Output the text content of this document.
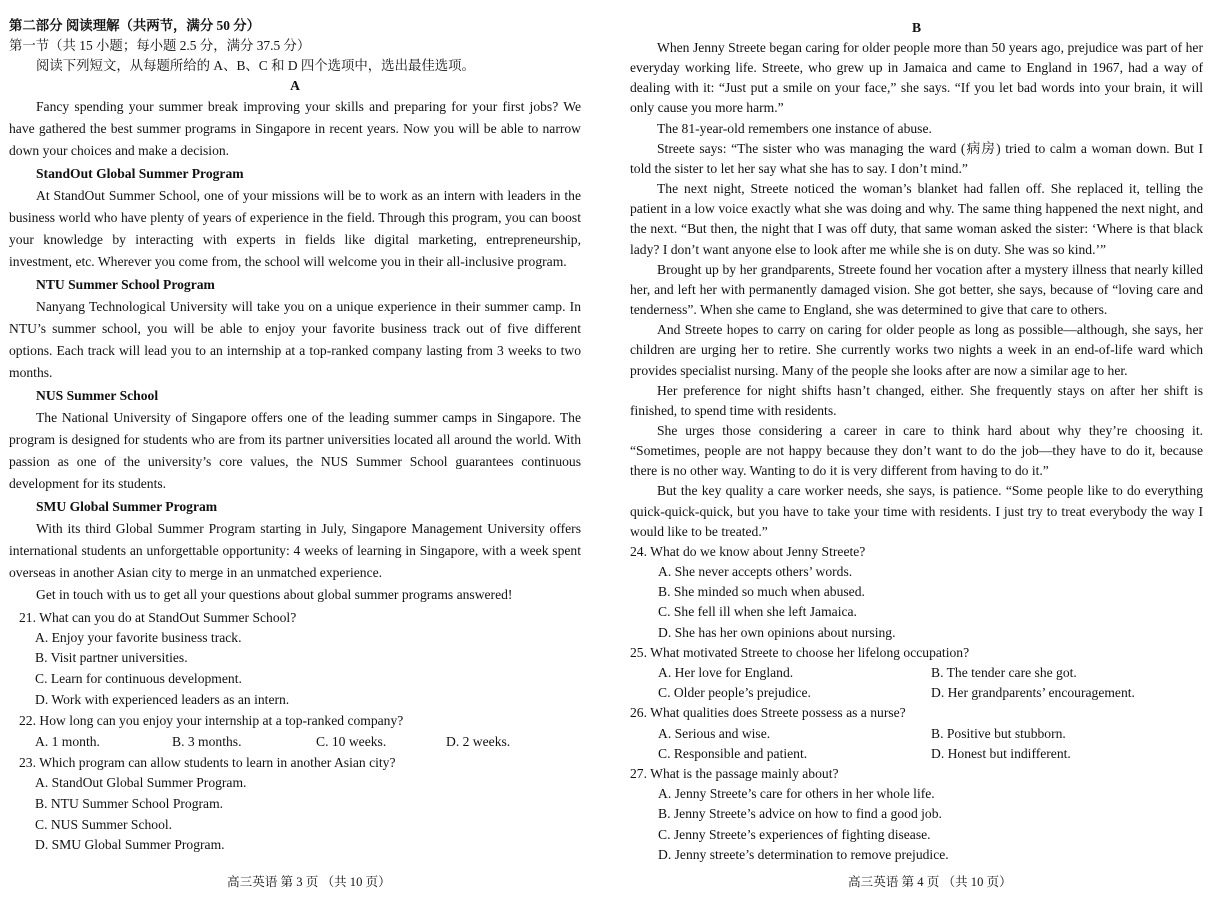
第二部分 阅读理解（共两节，满分 50 分）

第一节（共 15 小题；每小题 2.5 分，满分 37.5 分）

阅读下列短文，从每题所给的 A、B、C 和 D 四个选项中，选出最佳选项。

A

Fancy spending your summer break improving your skills and preparing for your first jobs? We have gathered the best summer programs in Singapore in recent years. Now you will be able to narrow down your choices and make a decision.

StandOut Global Summer Program

At StandOut Summer School, one of your missions will be to work as an intern with leaders in the business world who have plenty of years of experience in the field. Through this program, you can boost your knowledge by interacting with experts in fields like digital marketing, entrepreneurship, investment, etc. Wherever you come from, the school will welcome you in their all-inclusive program.

NTU Summer School Program

Nanyang Technological University will take you on a unique experience in their summer camp. In NTU’s summer school, you will be able to enjoy your favorite business track out of five different options. Each track will lead you to an internship at a top-ranked company lasting from 3 weeks to two months.

NUS Summer School

The National University of Singapore offers one of the leading summer camps in Singapore. The program is designed for students who are from its partner universities located all around the world. With passion as one of the university’s core values, the NUS Summer School guarantees continuous development for its students.

SMU Global Summer Program

With its third Global Summer Program starting in July, Singapore Management University offers international students an unforgettable opportunity: 4 weeks of learning in Singapore, with a week spent overseas in another Asian city to merge in an unmatched experience.

Get in touch with us to get all your questions about global summer programs answered!

21. What can you do at StandOut Summer School?

A. Enjoy your favorite business track.

B. Visit partner universities.

C. Learn for continuous development.

D. Work with experienced leaders as an intern.

22. How long can you enjoy your internship at a top-ranked company?

A. 1 month.	B. 3 months.	C. 10 weeks.	D. 2 weeks.

23. Which program can allow students to learn in another Asian city?

A. StandOut Global Summer Program.

B. NTU Summer School Program.

C. NUS Summer School.

D. SMU Global Summer Program.

B

When Jenny Streete began caring for older people more than 50 years ago, prejudice was part of her everyday working life. Streete, who grew up in Jamaica and came to England in 1967, had a way of dealing with it: “Just put a smile on your face,” she says. “If you let bad words into your brain, it will only cause you more harm.”

The 81-year-old remembers one instance of abuse.

Streete says: “The sister who was managing the ward (病房) tried to calm a woman down. But I told the sister to let her say what she has to say. I don’t mind.”

The next night, Streete noticed the woman’s blanket had fallen off. She replaced it, telling the patient in a low voice exactly what she was doing and why. The same thing happened the next night, and the next. “But then, the night that I was off duty, that same woman asked the sister: ‘Where is that black lady? I don’t want anyone else to look after me while she is on duty. She was so kind.’”

Brought up by her grandparents, Streete found her vocation after a mystery illness that nearly killed her, and left her with permanently damaged vision. She got better, she says, because of “loving care and tenderness”. When she came to England, she was determined to give that care to others.

And Streete hopes to carry on caring for older people as long as possible—although, she says, her children are urging her to retire. She currently works two nights a week in an end-of-life ward which provides specialist nursing. Many of the people she looks after are now a similar age to her.

Her preference for night shifts hasn’t changed, either. She frequently stays on after her shift is finished, to spend time with residents.

She urges those considering a career in care to think hard about why they’re choosing it. “Sometimes, people are not happy because they don’t want to do the job—they have to do it, because there is no other way. Wanting to do it is very different from having to do it.”

But the key quality a care worker needs, she says, is patience. “Some people like to do everything quick-quick-quick, but you have to take your time with residents. I just try to treat everybody the way I would like to be treated.”

24. What do we know about Jenny Streete?

A. She never accepts others’ words.

B. She minded so much when abused.

C. She fell ill when she left Jamaica.

D. She has her own opinions about nursing.

25. What motivated Streete to choose her lifelong occupation?

A. Her love for England.	B. The tender care she got.
C. Older people’s prejudice.	D. Her grandparents’ encouragement.

26. What qualities does Streete possess as a nurse?

A. Serious and wise.	B. Positive but stubborn.
C. Responsible and patient.	D. Honest but indifferent.

27. What is the passage mainly about?

A. Jenny Streete’s care for others in her whole life.

B. Jenny Streete’s advice on how to find a good job.

C. Jenny Streete’s experiences of fighting disease.

D. Jenny streete’s determination to remove prejudice.

高三英语 第 3 页 （共 10 页）	高三英语 第 4 页 （共 10 页）
